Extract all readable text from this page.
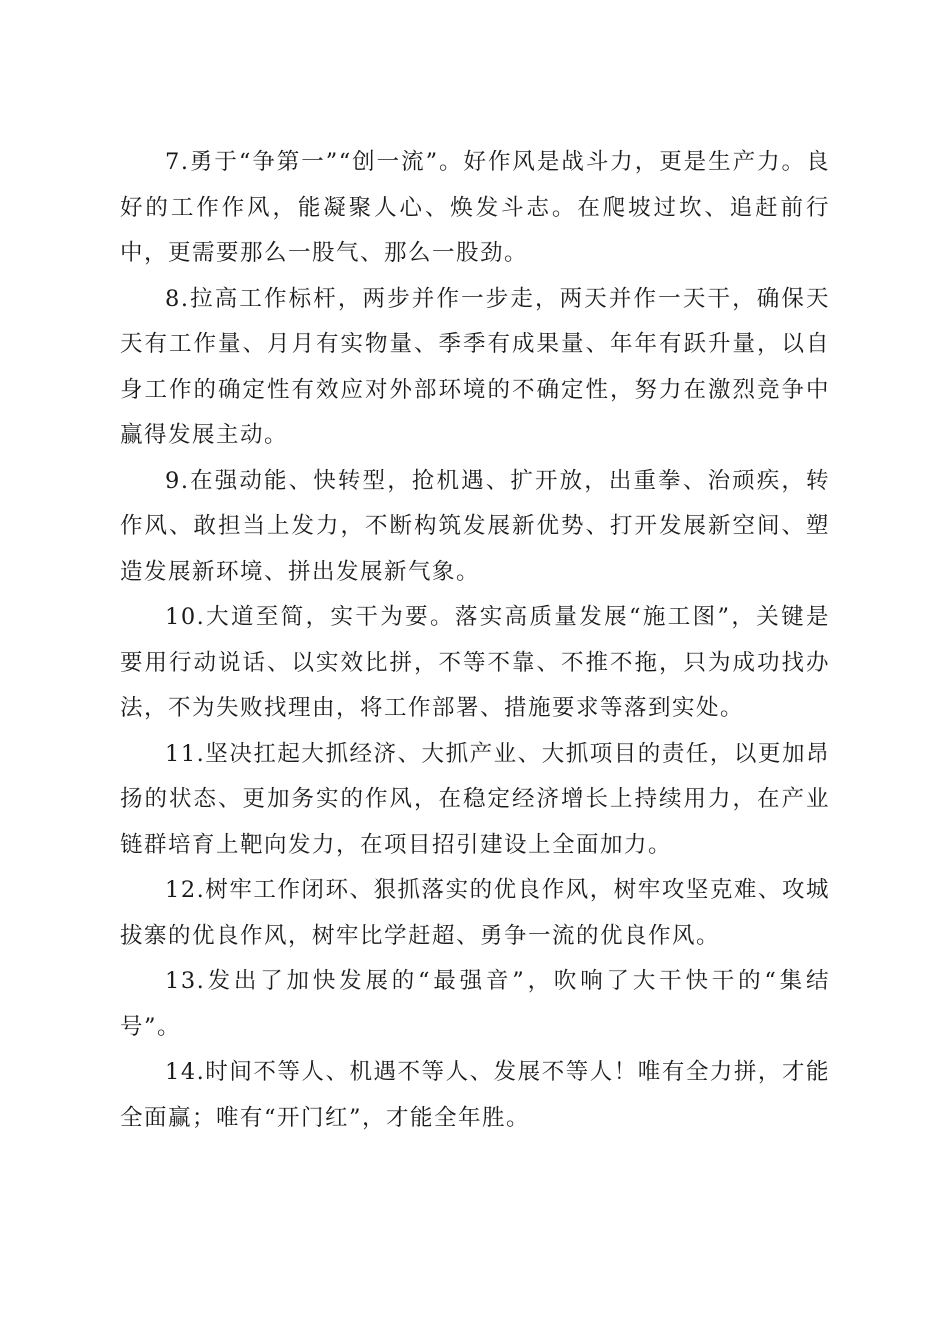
7.勇于“争第一”“创一流”。好作风是战斗力，更是生产力。良好的工作作风，能凝聚人心、焕发斗志。在爬坡过坎、追赶前行中，更需要那么一股气、那么一股劲。

8.拉高工作标杆，两步并作一步走，两天并作一天干，确保天天有工作量、月月有实物量、季季有成果量、年年有跃升量，以自身工作的确定性有效应对外部环境的不确定性，努力在激烈竞争中赢得发展主动。

9.在强动能、快转型，抢机遇、扩开放，出重拳、治顽疾，转作风、敢担当上发力，不断构筑发展新优势、打开发展新空间、塑造发展新环境、拼出发展新气象。

10.大道至简，实干为要。落实高质量发展“施工图”，关键是要用行动说话、以实效比拼，不等不靠、不推不拖，只为成功找办法，不为失败找理由，将工作部署、措施要求等落到实处。

11.坚决扛起大抓经济、大抓产业、大抓项目的责任，以更加昂扬的状态、更加务实的作风，在稳定经济增长上持续用力，在产业链群培育上靶向发力，在项目招引建设上全面加力。

12.树牢工作闭环、狠抓落实的优良作风，树牢攻坚克难、攻城拔寨的优良作风，树牢比学赶超、勇争一流的优良作风。

13.发出了加快发展的“最强音”，吹响了大干快干的“集结号”。

14.时间不等人、机遇不等人、发展不等人！唯有全力拼，才能全面赢；唯有“开门红”，才能全年胜。
